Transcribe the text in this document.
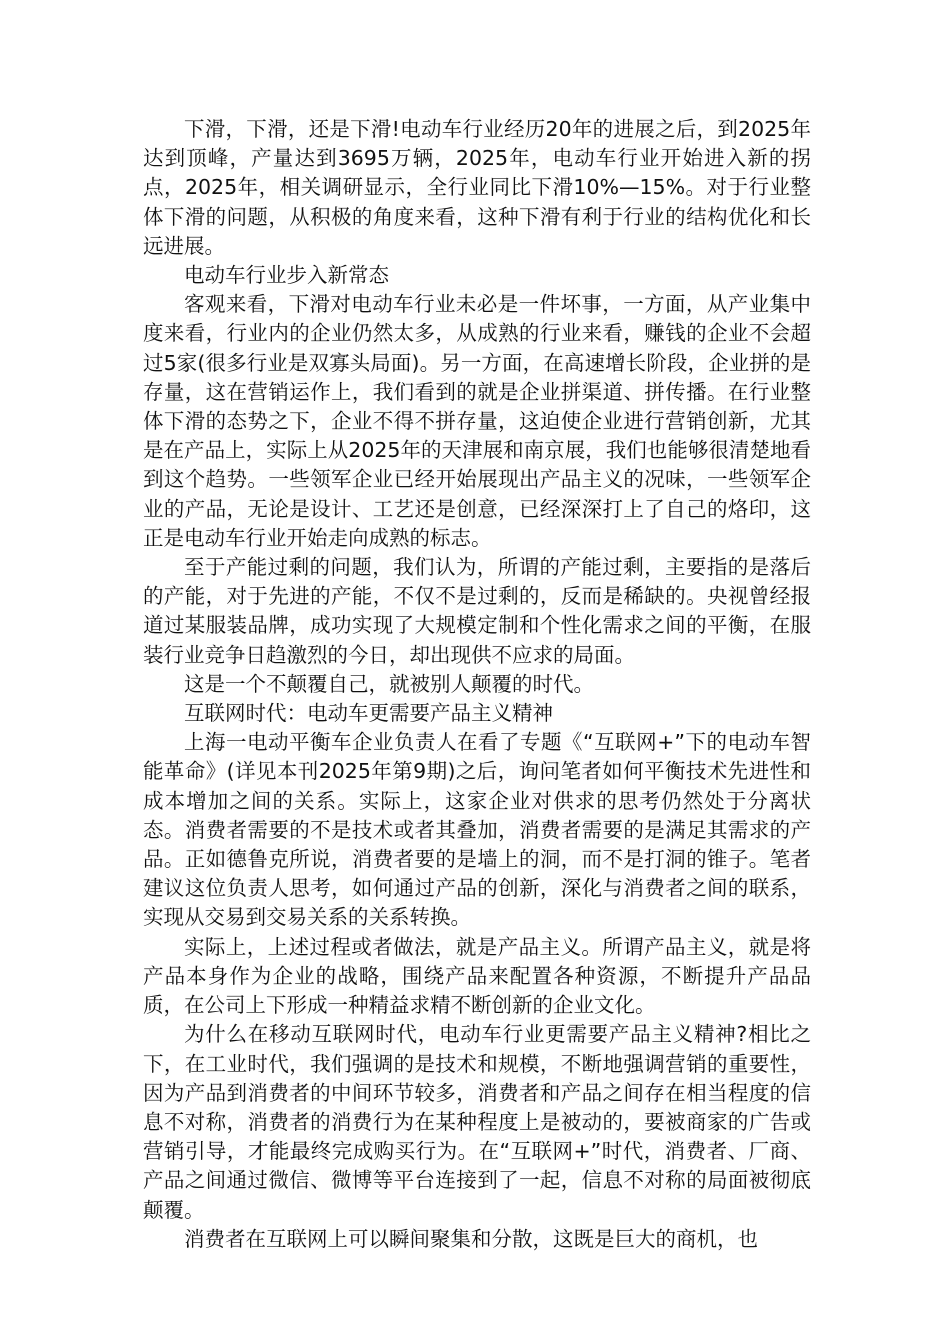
下滑，下滑，还是下滑!电动车行业经历20年的进展之后，到2025年达到顶峰，产量达到3695万辆，2025年，电动车行业开始进入新的拐点，2025年，相关调研显示，全行业同比下滑10%—15%。对于行业整体下滑的问题，从积极的角度来看，这种下滑有利于行业的结构优化和长远进展。

电动车行业步入新常态

客观来看，下滑对电动车行业未必是一件坏事，一方面，从产业集中度来看，行业内的企业仍然太多，从成熟的行业来看，赚钱的企业不会超过5家(很多行业是双寡头局面)。另一方面，在高速增长阶段，企业拼的是存量，这在营销运作上，我们看到的就是企业拼渠道、拼传播。在行业整体下滑的态势之下，企业不得不拼存量，这迫使企业进行营销创新，尤其是在产品上，实际上从2025年的天津展和南京展，我们也能够很清楚地看到这个趋势。一些领军企业已经开始展现出产品主义的况味，一些领军企业的产品，无论是设计、工艺还是创意，已经深深打上了自己的烙印，这正是电动车行业开始走向成熟的标志。

至于产能过剩的问题，我们认为，所谓的产能过剩，主要指的是落后的产能，对于先进的产能，不仅不是过剩的，反而是稀缺的。央视曾经报道过某服装品牌，成功实现了大规模定制和个性化需求之间的平衡，在服装行业竞争日趋激烈的今日，却出现供不应求的局面。

这是一个不颠覆自己，就被别人颠覆的时代。

互联网时代：电动车更需要产品主义精神

上海一电动平衡车企业负责人在看了专题《“互联网+”下的电动车智能革命》(详见本刊2025年第9期)之后，询问笔者如何平衡技术先进性和成本增加之间的关系。实际上，这家企业对供求的思考仍然处于分离状态。消费者需要的不是技术或者其叠加，消费者需要的是满足其需求的产品。正如德鲁克所说，消费者要的是墙上的洞，而不是打洞的锥子。笔者建议这位负责人思考，如何通过产品的创新，深化与消费者之间的联系，实现从交易到交易关系的关系转换。

实际上，上述过程或者做法，就是产品主义。所谓产品主义，就是将产品本身作为企业的战略，围绕产品来配置各种资源，不断提升产品品质，在公司上下形成一种精益求精不断创新的企业文化。

为什么在移动互联网时代，电动车行业更需要产品主义精神?相比之下，在工业时代，我们强调的是技术和规模，不断地强调营销的重要性，因为产品到消费者的中间环节较多，消费者和产品之间存在相当程度的信息不对称，消费者的消费行为在某种程度上是被动的，要被商家的广告或营销引导，才能最终完成购买行为。在“互联网+”时代，消费者、厂商、产品之间通过微信、微博等平台连接到了一起，信息不对称的局面被彻底颠覆。

消费者在互联网上可以瞬间聚集和分散，这既是巨大的商机，也
